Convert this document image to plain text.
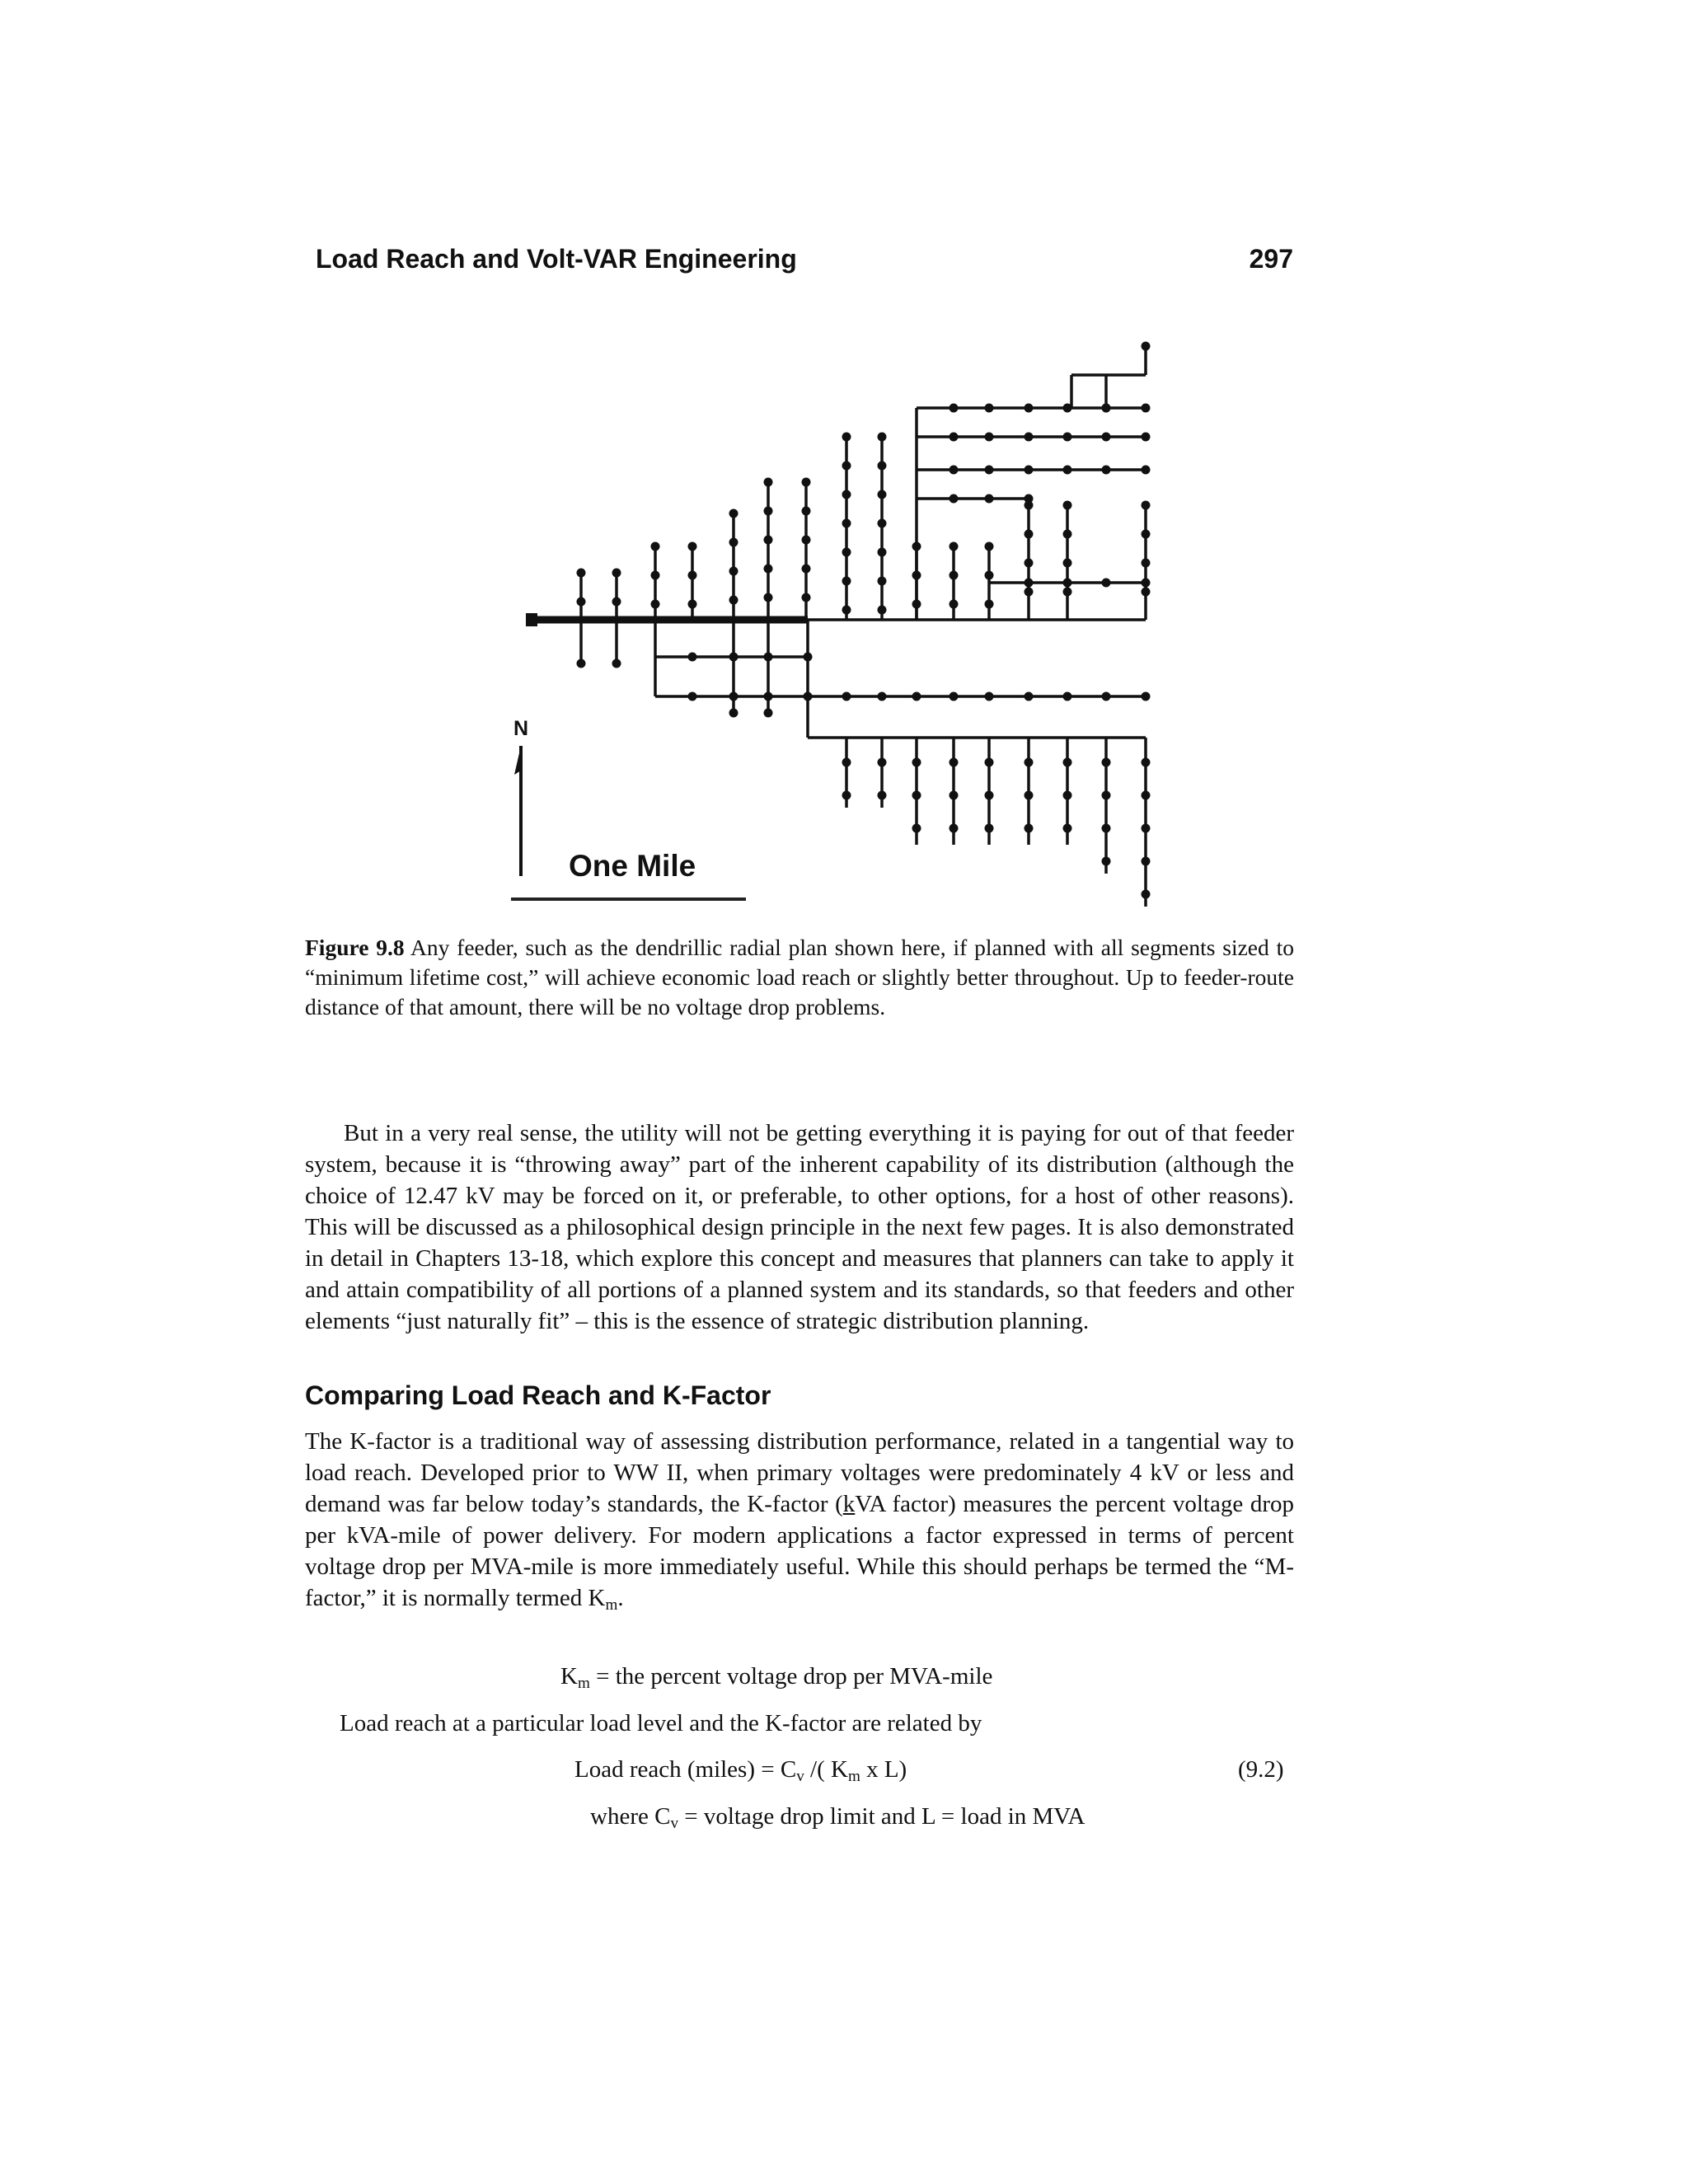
Load Reach and Volt-VAR Engineering	297
N
One Mile
Figure 9.8 Any feeder, such as the dendrillic radial plan shown here, if planned with all segments sized to “minimum lifetime cost,” will achieve economic load reach or slightly better throughout. Up to feeder-route distance of that amount, there will be no voltage drop problems.
But in a very real sense, the utility will not be getting everything it is paying for out of that feeder system, because it is “throwing away” part of the inherent capability of its distribution (although the choice of 12.47 kV may be forced on it, or preferable, to other options, for a host of other reasons). This will be discussed as a philosophical design principle in the next few pages. It is also demonstrated in detail in Chapters 13-18, which explore this concept and measures that planners can take to apply it and attain compatibility of all portions of a planned system and its standards, so that feeders and other elements “just naturally fit” – this is the essence of strategic distribution planning.
Comparing Load Reach and K-Factor
The K-factor is a traditional way of assessing distribution performance, related in a tangential way to load reach. Developed prior to WW II, when primary voltages were predominately 4 kV or less and demand was far below today’s standards, the K-factor (kVA factor) measures the percent voltage drop per kVA-mile of power delivery. For modern applications a factor expressed in terms of percent voltage drop per MVA-mile is more immediately useful. While this should perhaps be termed the “M-factor,” it is normally termed $K_m$.
$K_m$ = the percent voltage drop per MVA-mile
Load reach at a particular load level and the K-factor are related by
Load reach (miles) = $C_v$ /( $K_m$ x L)	(9.2)
where $C_v$ = voltage drop limit and L = load in MVA
